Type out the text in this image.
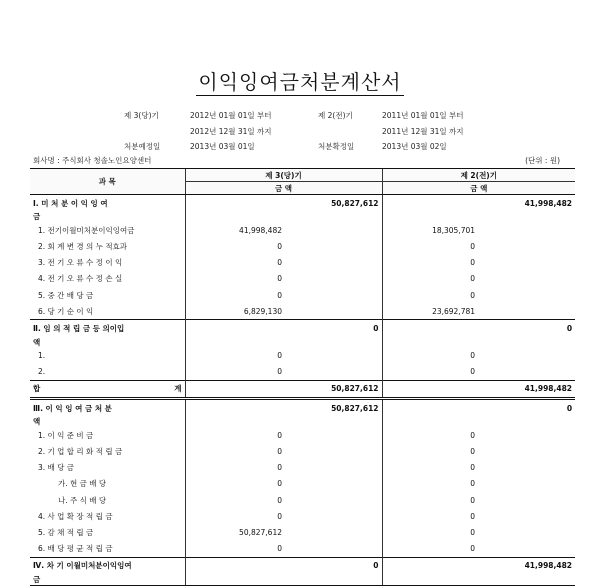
이익잉여금처분계산서
제 3(당)기	2012년 01월 01일 부터	제 2(전)기	2011년 01월 01일 부터
2012년 12월 31일 까지	2011년 12월 31일 까지
처분예정일	2013년 03월 01일	처분확정일	2013년 03월 02일
회사명 : 주식회사 청솔노인요양센터	(단위 : 원)
과 목	제 3(당)기		제 2(전)기	
	금 액		금 액	
Ⅰ. 미 처 분 이 익 잉 여		50,827,612		41,998,482
금				
1. 전기이월미처분이익잉여금	41,998,482		18,305,701	
2. 회 계 변 경 의 누 적효과	0		0	
3. 전 기 오 류 수 정 이 익	0		0	
4. 전 기 오 류 수 정 손 실	0		0	
5. 중 간 배 당 금	0		0	
6. 당 기 순 이 익	6,829,130		23,692,781	
Ⅱ. 임 의 적 립 금 등 의이입		0		0
액				
1.	0		0	
2.	0		0	
합 계		50,827,612		41,998,482
Ⅲ. 이 익 잉 여 금 처 분		50,827,612		0
액				
1. 이 익 준 비 금	0		0	
2. 기 업 합 리 화 적 립 금	0		0	
3. 배 당 금	0		0	
가. 현 금 배 당	0		0	
나. 주 식 배 당	0		0	
4. 사 업 확 장 적 립 금	0		0	
5. 감 채 적 립 금	50,827,612		0	
6. 배 당 평 균 적 립 금	0		0	
Ⅳ. 차 기 이월미처분이익잉여		0		41,998,482
금				
